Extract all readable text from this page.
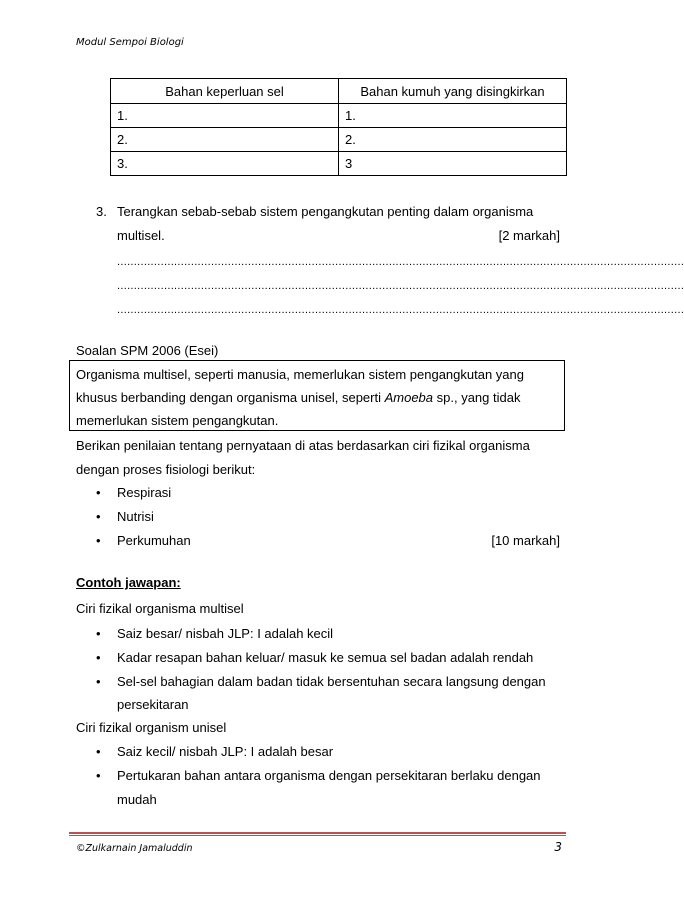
Modul Sempoi Biologi
Bahan keperluan sel	Bahan kumuh yang disingkirkan
1.	1.
2.	2.
3.	3
3. Terangkan sebab-sebab sistem pengangkutan penting dalam organisma
multisel.	[2 markah]
.........................................................................................................................................................................
.........................................................................................................................................................................
.........................................................................................................................................................................
Soalan SPM 2006 (Esei)
Organisma multisel, seperti manusia, memerlukan sistem pengangkutan yang
khusus berbanding dengan organisma unisel, seperti Amoeba sp., yang tidak
memerlukan sistem pengangkutan.
Berikan penilaian tentang pernyataan di atas berdasarkan ciri fizikal organisma
dengan proses fisiologi berikut:
• Respirasi
• Nutrisi
• Perkumuhan	[10 markah]
Contoh jawapan:
Ciri fizikal organisma multisel
• Saiz besar/ nisbah JLP: I adalah kecil
• Kadar resapan bahan keluar/ masuk ke semua sel badan adalah rendah
• Sel-sel bahagian dalam badan tidak bersentuhan secara langsung dengan
persekitaran
Ciri fizikal organism unisel
• Saiz kecil/ nisbah JLP: I adalah besar
• Pertukaran bahan antara organisma dengan persekitaran berlaku dengan
mudah
©Zulkarnain Jamaluddin	3
